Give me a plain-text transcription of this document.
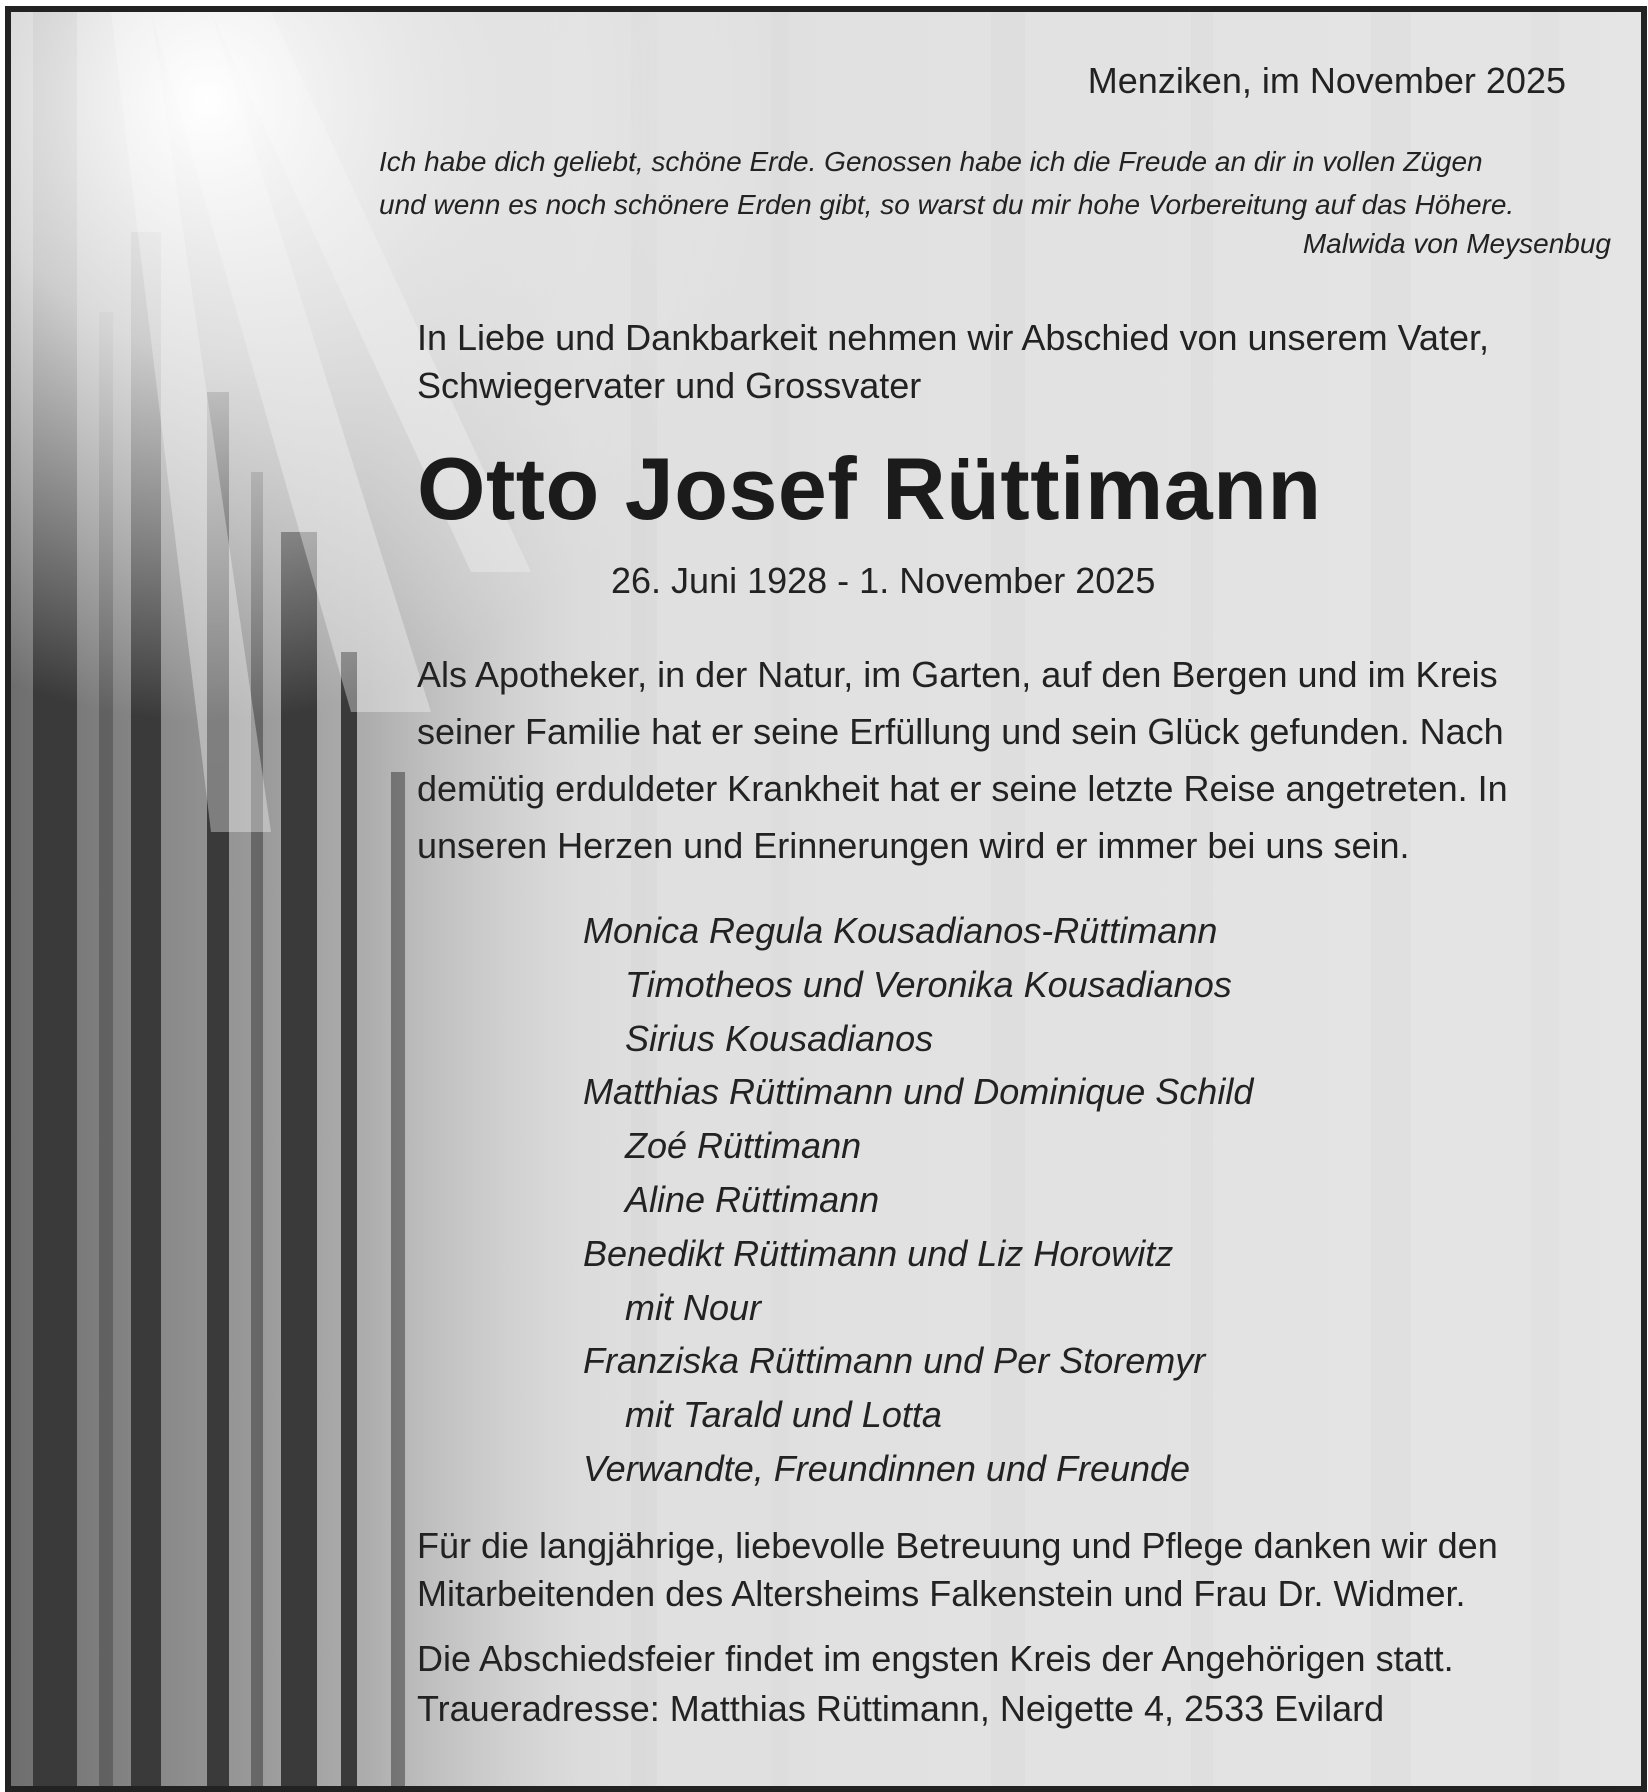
Menziken, im November 2025

Ich habe dich geliebt, schöne Erde. Genossen habe ich die Freude an dir in vollen Zügen
und wenn es noch schönere Erden gibt, so warst du mir hohe Vorbereitung auf das Höhere.

Malwida von Meysenbug

In Liebe und Dankbarkeit nehmen wir Abschied von unserem Vater,
Schwiegervater und Grossvater

Otto Josef Rüttimann

26. Juni 1928 - 1. November 2025

Als Apotheker, in der Natur, im Garten, auf den Bergen und im Kreis
seiner Familie hat er seine Erfüllung und sein Glück gefunden. Nach
demütig erduldeter Krankheit hat er seine letzte Reise angetreten. In
unseren Herzen und Erinnerungen wird er immer bei uns sein.

Monica Regula Kousadianos-Rüttimann
Timotheos und Veronika Kousadianos
Sirius Kousadianos
Matthias Rüttimann und Dominique Schild
Zoé Rüttimann
Aline Rüttimann
Benedikt Rüttimann und Liz Horowitz
mit Nour
Franziska Rüttimann und Per Storemyr
mit Tarald und Lotta
Verwandte, Freundinnen und Freunde

Für die langjährige, liebevolle Betreuung und Pflege danken wir den
Mitarbeitenden des Altersheims Falkenstein und Frau Dr. Widmer.

Die Abschiedsfeier findet im engsten Kreis der Angehörigen statt.
Traueradresse: Matthias Rüttimann, Neigette 4, 2533 Evilard
